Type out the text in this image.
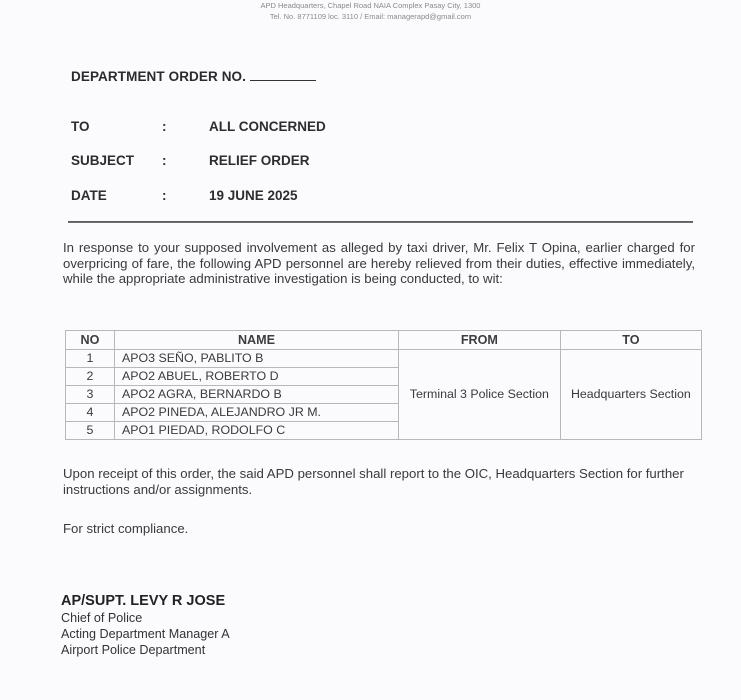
APD Headquarters, Chapel Road NAIA Complex Pasay City, 1300
Tel. No. 8771109 loc. 3110 / Email: managerapd@gmail.com
DEPARTMENT ORDER NO.
TO	:	ALL CONCERNED
SUBJECT :	RELIEF ORDER
DATE	:	19 JUNE 2025
In response to your supposed involvement as alleged by taxi driver, Mr. Felix T Opina, earlier charged for overpricing of fare, the following APD personnel are hereby relieved from their duties, effective immediately, while the appropriate administrative investigation is being conducted, to wit:
NO	NAME	FROM	TO
1	APO3 SEÑO, PABLITO B	Terminal 3 Police Section	Headquarters Section
2	APO2 ABUEL, ROBERTO D		
3	APO2 AGRA, BERNARDO B		
4	APO2 PINEDA, ALEJANDRO JR M.		
5	APO1 PIEDAD, RODOLFO C		
Upon receipt of this order, the said APD personnel shall report to the OIC, Headquarters Section for further instructions and/or assignments.
For strict compliance.
AP/SUPT. LEVY R JOSE
Chief of Police
Acting Department Manager A
Airport Police Department
